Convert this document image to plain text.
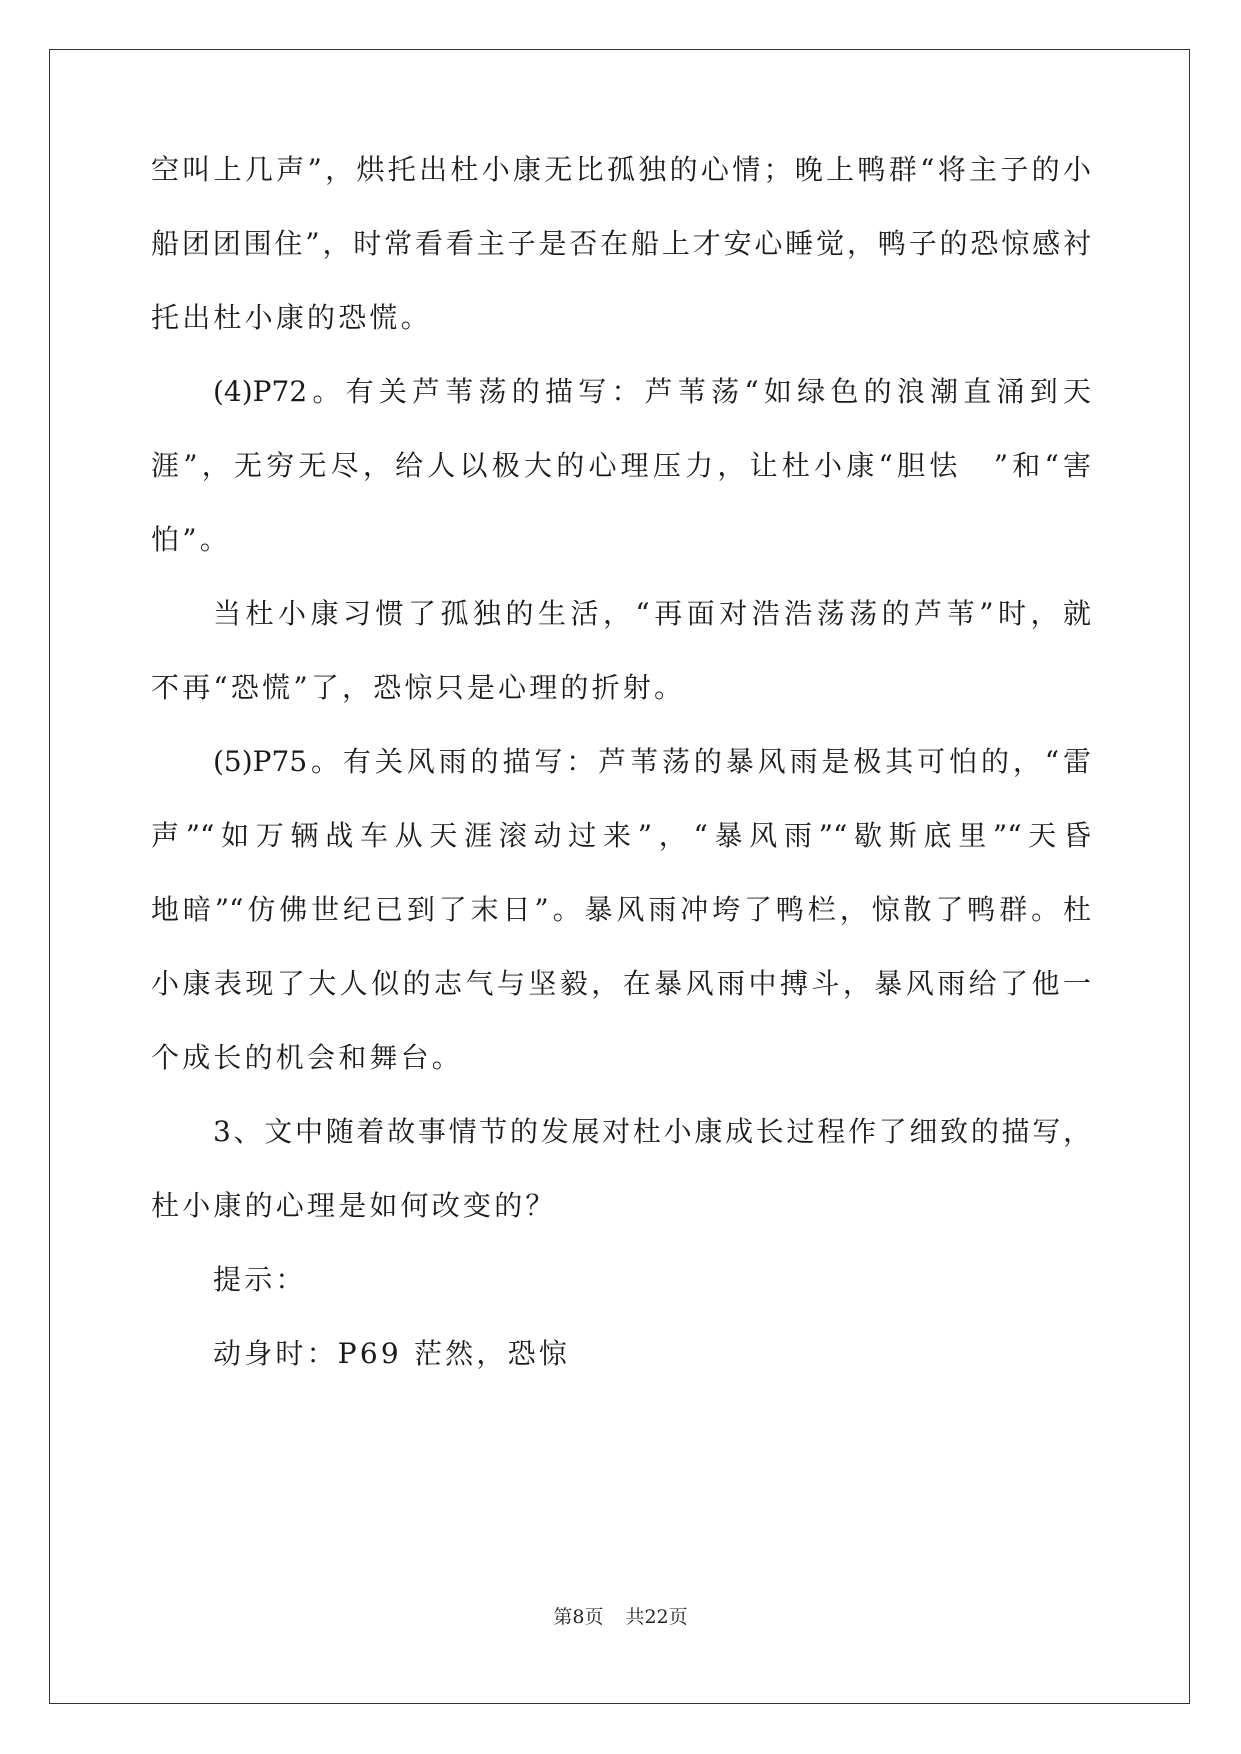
空叫上几声”，烘托出杜小康无比孤独的心情；晚上鸭群“将主子的小
船团团围住”，时常看看主子是否在船上才安心睡觉，鸭子的恐惊感衬
托出杜小康的恐慌。
(4)P72。有关芦苇荡的描写：芦苇荡“如绿色的浪潮直涌到天
涯”，无穷无尽，给人以极大的心理压力，让杜小康“胆怯　”和“害
怕”。
当杜小康习惯了孤独的生活，“再面对浩浩荡荡的芦苇”时，就
不再“恐慌”了，恐惊只是心理的折射。
(5)P75。有关风雨的描写：芦苇荡的暴风雨是极其可怕的，“雷
声”“如万辆战车从天涯滚动过来”，“暴风雨”“歇斯底里”“天昏
地暗”“仿佛世纪已到了末日”。暴风雨冲垮了鸭栏，惊散了鸭群。杜
小康表现了大人似的志气与坚毅，在暴风雨中搏斗，暴风雨给了他一
个成长的机会和舞台。
3、文中随着故事情节的发展对杜小康成长过程作了细致的描写，
杜小康的心理是如何改变的？
提示：
动身时：P69 茫然，恐惊
第8页 共22页
